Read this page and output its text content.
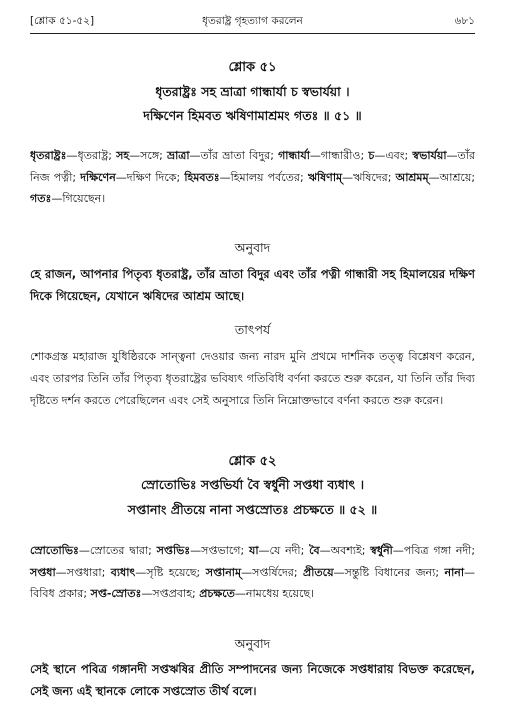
[শ্লোক ৫১-৫২]	ধৃতরাষ্ট্র গৃহত্যাগ করলেন	৬৮১
শ্লোক ৫১
ধৃতরাষ্ট্রঃ সহ ভ্রাত্রা গান্ধার্যা চ স্বভার্যয়া ।
দক্ষিণেন হিমবত ঋষিণামাশ্রমং গতঃ ॥ ৫১ ॥
ধৃতরাষ্ট্রঃ—ধৃতরাষ্ট্র; সহ—সঙ্গে; ভ্রাত্রা—তাঁর ভ্রাতা বিদুর; গান্ধার্যা—গান্ধারীও; চ—এবং; স্বভার্যয়া—তাঁর নিজ পত্নী; দক্ষিণেন—দক্ষিণ দিকে; হিমবতঃ—হিমালয় পর্বতের; ঋষিণাম্—ঋষিদের; আশ্রমম্—আশ্রয়ে; গতঃ—গিয়েছেন।
অনুবাদ
হে রাজন, আপনার পিতৃব্য ধৃতরাষ্ট্র, তাঁর ভ্রাতা বিদুর এবং তাঁর পত্নী গান্ধারী সহ হিমালয়ের দক্ষিণ দিকে গিয়েছেন, যেখানে ঋষিদের আশ্রম আছে।
তাৎপর্য
শোকগ্রস্ত মহারাজ যুধিষ্ঠিরকে সান্ত্বনা দেওয়ার জন্য নারদ মুনি প্রথমে দার্শনিক তত্ত্ব বিশ্লেষণ করেন, এবং তারপর তিনি তাঁর পিতৃব্য ধৃতরাষ্ট্রের ভবিষ্যৎ গতিবিধি বর্ণনা করতে শুরু করেন, যা তিনি তাঁর দিব্য দৃষ্টিতে দর্শন করতে পেরেছিলেন এবং সেই অনুসারে তিনি নিম্নোক্তভাবে বর্ণনা করতে শুরু করেন।
শ্লোক ৫২
স্রোতোভিঃ সপ্তভির্যা বৈ স্বর্ধুনী সপ্তধা ব্যধাৎ ।
সপ্তানাং প্রীতয়ে নানা সপ্তস্রোতঃ প্রচক্ষতে ॥ ৫২ ॥
স্রোতোভিঃ—স্রোতের দ্বারা; সপ্তভিঃ—সপ্তভাগে; যা—যে নদী; বৈ—অবশ্যই; স্বর্ধুনী—পবিত্র গঙ্গা নদী; সপ্তধা—সপ্তধারা; ব্যধাৎ—সৃষ্টি হয়েছে; সপ্তানাম্—সপ্তর্ষিদের; প্রীতয়ে—সন্তুষ্টি বিধানের জন্য; নানা—বিবিধ প্রকার; সপ্ত-স্রোতঃ—সপ্তপ্রবাহ; প্রচক্ষতে—নামধেয় হয়েছে।
অনুবাদ
সেই স্থানে পবিত্র গঙ্গানদী সপ্তঋষির প্রীতি সম্পাদনের জন্য নিজেকে সপ্তধারায় বিভক্ত করেছেন, সেই জন্য এই স্থানকে লোকে সপ্তস্রোত তীর্থ বলে।
